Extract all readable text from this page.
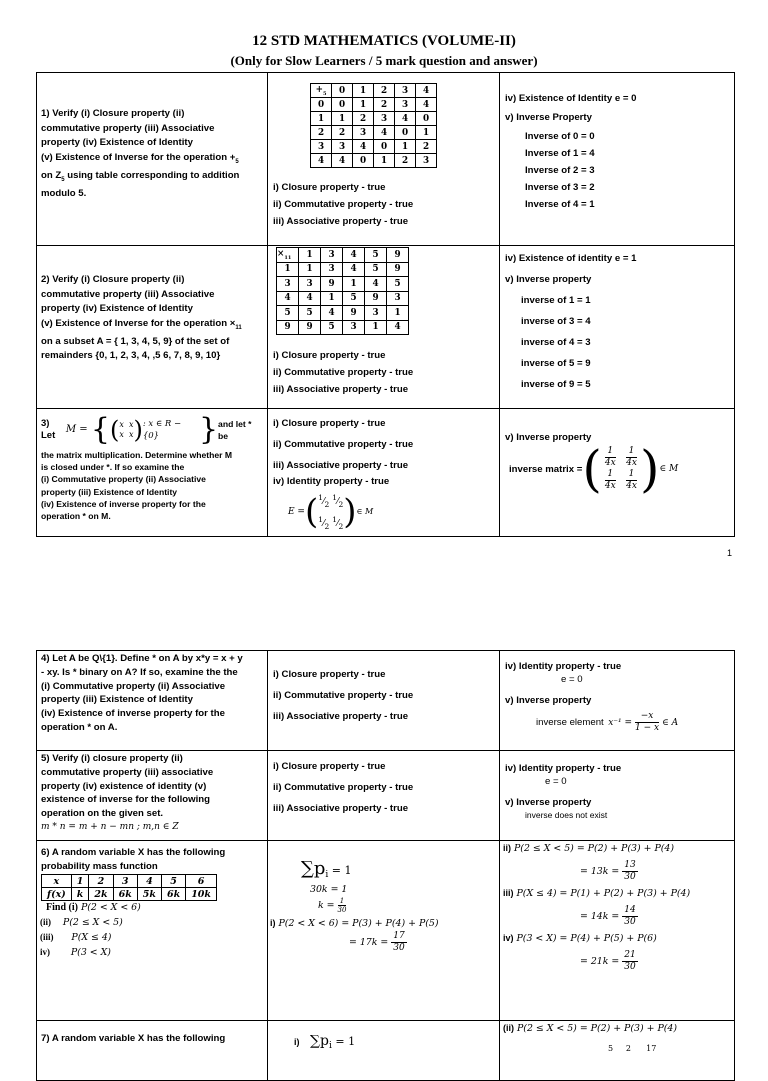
12 STD MATHEMATICS (VOLUME-II)
(Only for Slow Learners / 5 mark question and answer)
1) Verify (i) Closure property (ii)
commutative property (iii) Associative
property (iv) Existence of Identity
(v) Existence of Inverse for the operation $+_5$
on $Z_5$ using table corresponding to addition
modulo 5.

$+_5$	0	1	2	3	4
0	0	1	2	3	4
1	1	2	3	4	0
2	2	3	4	0	1
3	3	4	0	1	2
4	4	0	1	2	3
i) Closure property - true
ii) Commutative property - true
iii) Associative property - true

iv) Existence of Identity e = 0
v) Inverse Property
Inverse of 0 = 0
Inverse of 1 = 4
Inverse of 2 = 3
Inverse of 3 = 2
Inverse of 4 = 1

2) Verify (i) Closure property (ii)
commutative property (iii) Associative
property (iv) Existence of Identity
(v) Existence of Inverse for the operation $\times_{11}$
on a subset A = { 1, 3, 4, 5, 9} of the set of
remainders {0, 1, 2, 3, 4, ,5 6, 7, 8, 9, 10}

$\times_{11}$	1	3	4	5	9
1	1	3	4	5	9
3	3	9	1	4	5
4	4	1	5	9	3
5	5	4	9	3	1
9	9	5	3	1	4
i) Closure property - true
ii) Commutative property - true
iii) Associative property - true

iv) Existence of identity e = 1
v) Inverse property
inverse of 1 = 1
inverse of 3 = 4
inverse of 4 = 3
inverse of 5 = 9
inverse of 9 = 5

3) Let
M = { ( x x
x x ) : x ∈ R − {0}	} and let * be
the matrix multiplication. Determine whether M
is closed under *. If so examine the
(i) Commutative property (ii) Associative
property (iii) Existence of Identity
(iv) Existence of inverse property for the
operation * on M.

i) Closure property - true
ii) Commutative property - true
iii) Associative property - true
iv) Identity property - true
E = ( $^1⁄_2$ $^1⁄_2$
$^1⁄_2$ $^1⁄_2$ ) ∈ M

v) Inverse property
inverse matrix = ( $\frac{1}{4x}$
$\frac{1}{4x}$

$\frac{1}{4x}$
$\frac{1}{4x}$ ) ∈ M
1
4) Let A be Q\{1}. Define * on A by x*y = x + y
- xy. Is * binary on A? If so, examine the the
(i) Commutative property (ii) Associative
property (iii) Existence of Identity
(iv) Existence of inverse property for the
operation * on A.

i) Closure property - true
ii) Commutative property - true
iii) Associative property - true

iv) Identity property - true
e = 0
v) Inverse property
inverse element
$x^{-1} = \frac{-x}{1 - x}$ ∈ A

5) Verify (i) closure property (ii)
commutative property (iii) associative
property (iv) existence of identity (v)
existence of inverse for the following
operation on the given set.
m * n = m + n − mn ; m,n ∈ Z

i) Closure property - true
ii) Commutative property - true
iii) Associative property - true

iv) Identity property - true
e = 0
v) Inverse property
inverse does not exist

6) A random variable X has the following
probability mass function
x	1	2	3	4	5	6
f(x)	k	2k	6k	5k	6k	10k
Find (i) P(2 < X < 6)
(ii) P(2 ≤ X < 5)
(iii) P(X ≤ 4)
iv) P(3 < X)

$\sum p_i = 1$
30k = 1
k =
$\frac{1}{30}$
i) P(2 < X < 6) = P(3) + P(4) + P(5)
= 17k =
$\frac{17}{30}$

ii) P(2 ≤ X < 5) = P(2) + P(3) + P(4)
= 13k =
$\frac{13}{30}$
iii) P(X ≤ 4) = P(1) + P(2) + P(3) + P(4)
= 14k =
$\frac{14}{30}$
iv) P(3 < X) = P(4) + P(5) + P(6)
= 21k =
$\frac{21}{30}$

7) A random variable X has the following	i) $\sum p_i = 1$

(ii) P(2 ≤ X < 5) = P(2) + P(3) + P(4)
5 2 17
